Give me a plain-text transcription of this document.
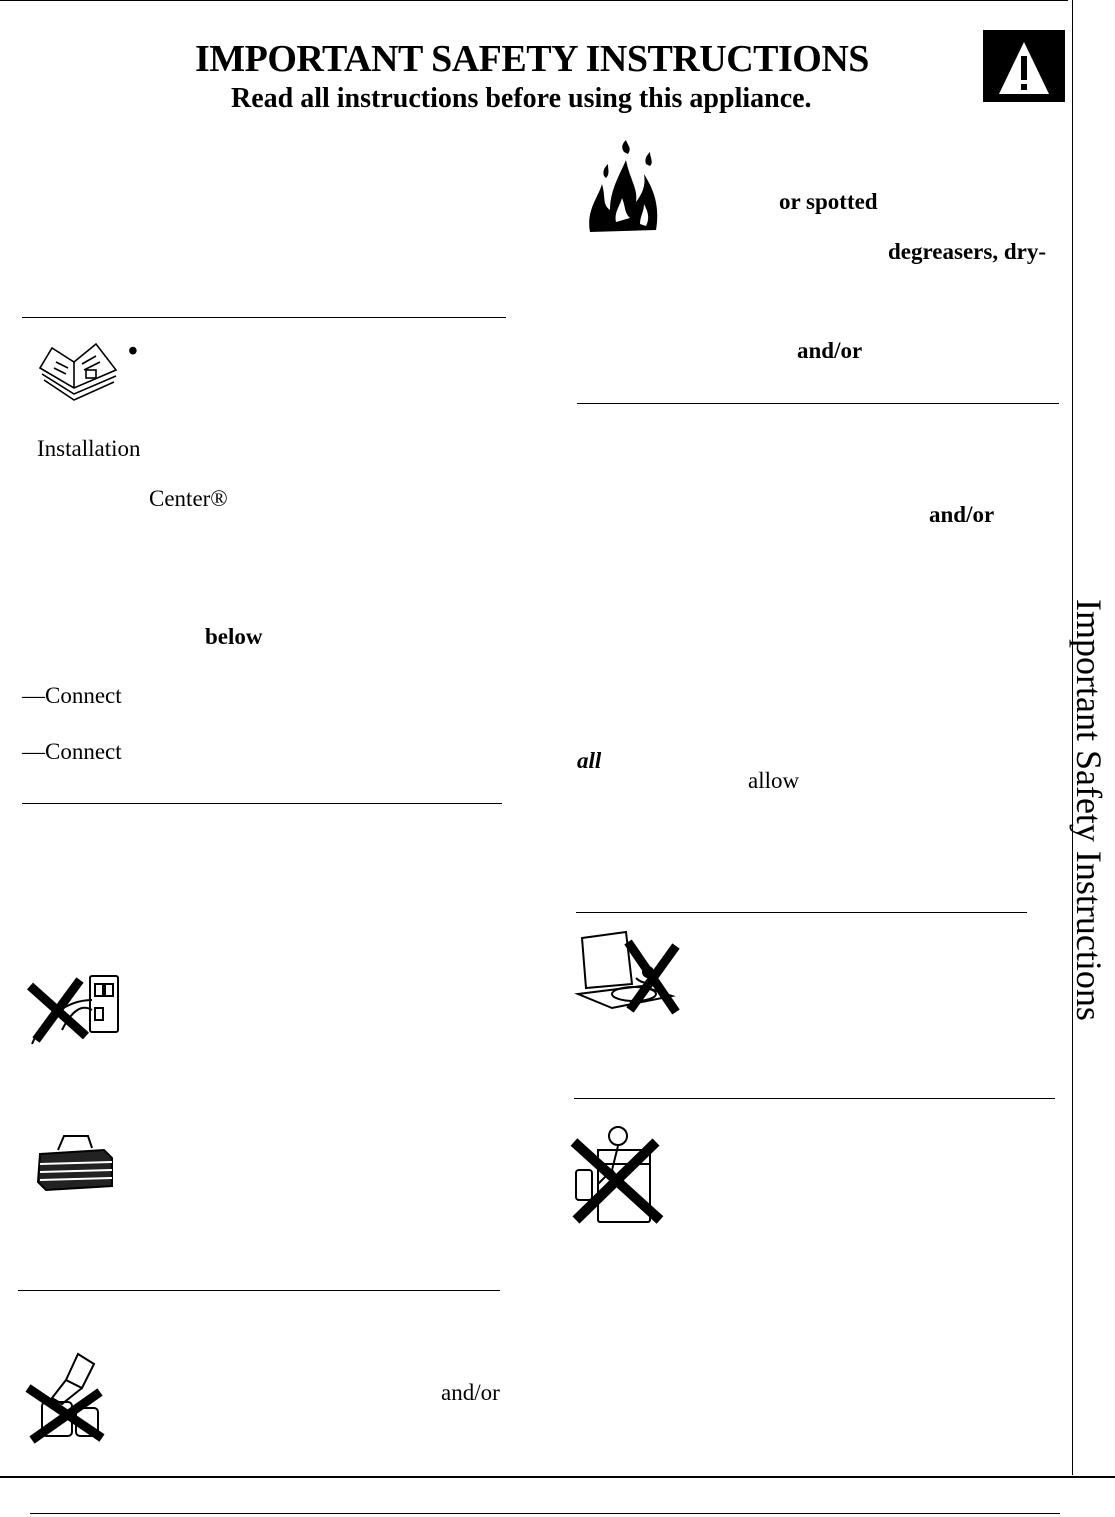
IMPORTANT SAFETY INSTRUCTIONS
Read all instructions before using this appliance.
Important Safety Instructions
•
Installation
Center®
below
—Connect
—Connect
and/or
or spotted
degreasers, dry-
and/or
and/or
all
allow
